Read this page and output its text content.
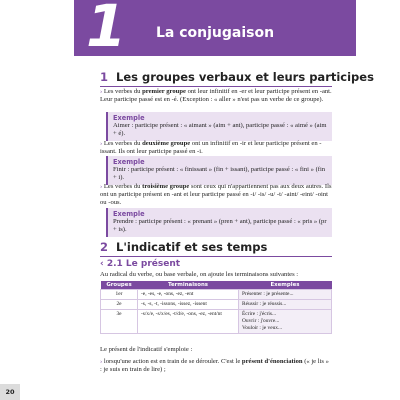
1	La conjugaison
1 Les groupes verbaux et leurs participes
› Les verbes du premier groupe ont leur infinitif en -er et leur participe présent en -ant. Leur participe passé est en -é. (Exception : « aller » n'est pas un verbe de ce groupe).
Exemple
Aimer : participe présent : « aimant » (aim + ant), participe passé : « aimé » (aim + é).
› Les verbes du deuxième groupe ont un infinitif en -ir et leur participe présent en -issant. Ils ont leur participe passé en -i.
Exemple
Finir : participe présent : « finissant » (fin + issant), participe passé : « fini » (fin + i).
› Les verbes du troisième groupe sont ceux qui n'appartiennent pas aux deux autres. Ils ont un participe présent en -ant et leur participe passé en -i/ -is/ -u/ -t/ -aint/ -eint/ -oint ou -ous.
Exemple
Prendre : participe présent : « prenant » (pren + ant), participe passé : « pris » (pr + is).
2 L'indicatif et ses temps
‹ 2.1 Le présent
Au radical du verbe, ou base verbale, on ajoute les terminaisons suivantes :
Groupes	Terminaisons	Exemples
1er	-e, -es, -e, -ons, -ez, -ent	Présenter : je présente...
2e	-s, -s, -t, -issons, -issez, -issent	Réussir : je réussis...
3e	-s/x/e, -s/x/es, -t/d/e, -ons, -ez, -ent/nt	Écrire : j'écris...
Ouvrir : j'ouvre...
Vouloir : je veux...
Le présent de l'indicatif s'emploie :
› lorsqu'une action est en train de se dérouler. C'est le présent d'énonciation (« je lis » : je suis en train de lire) ;
20
